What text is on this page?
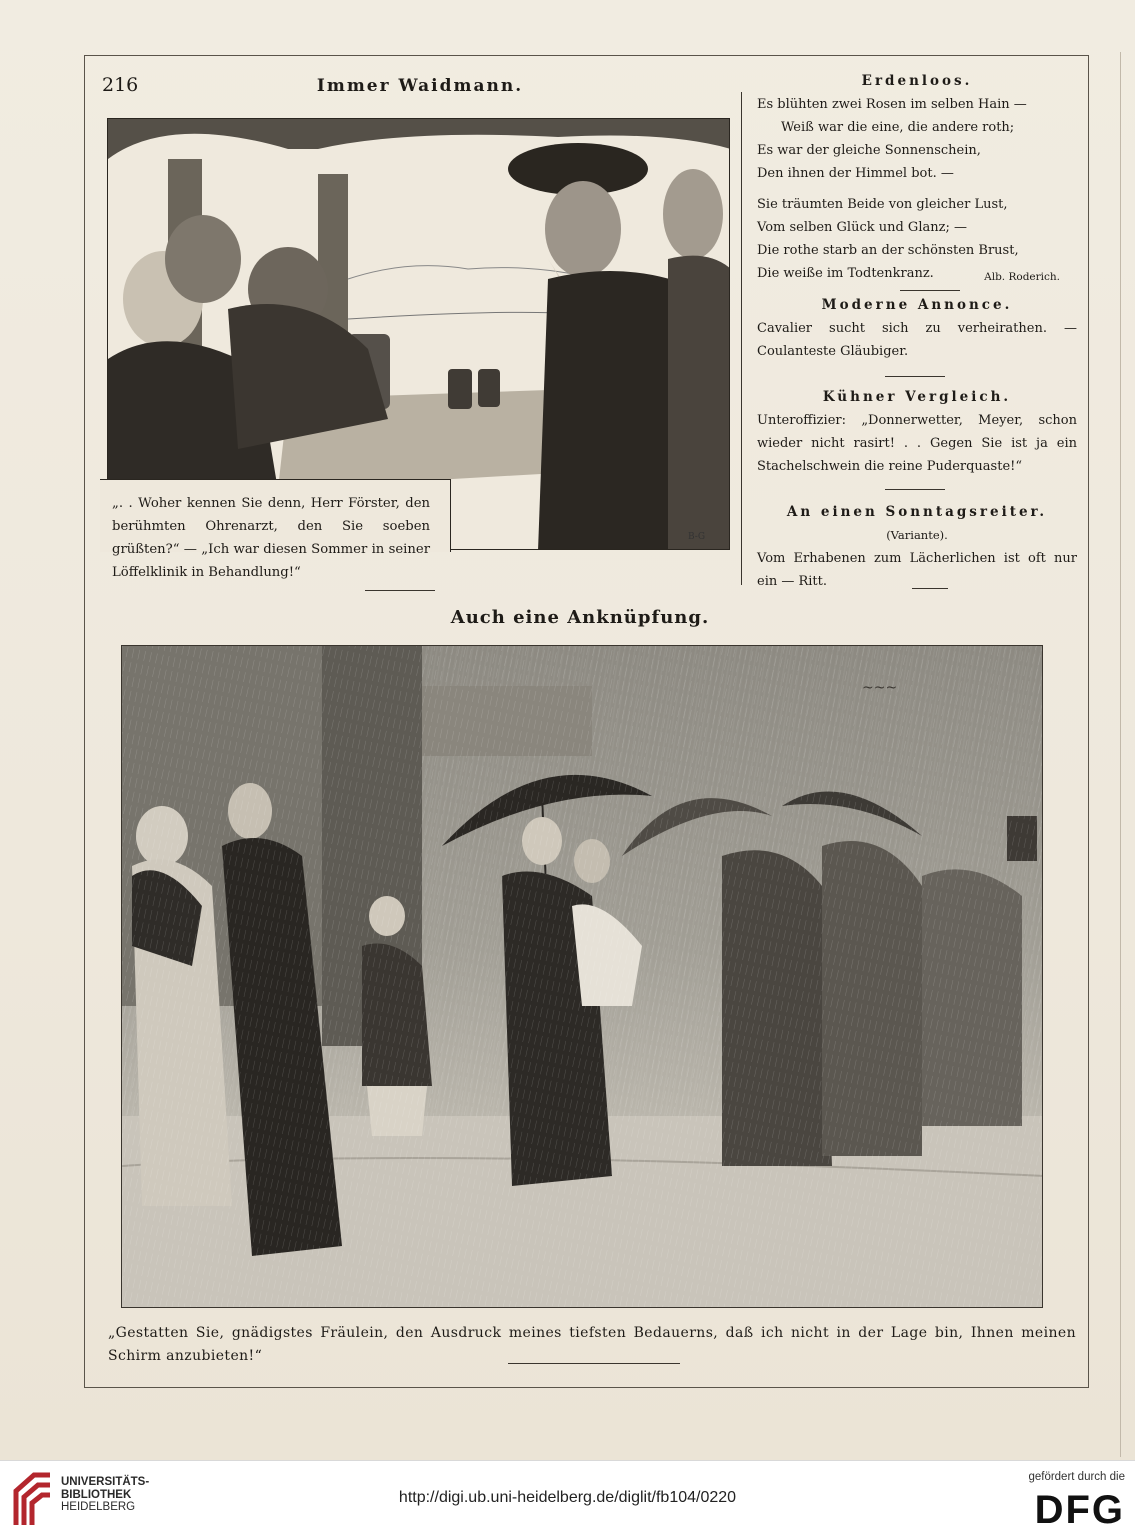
216	Immer Waidmann.
B-G
„. . Woher kennen Sie denn, Herr Förster, den berühmten Ohrenarzt, den Sie soeben grüßten?“ — „Ich war diesen Sommer in seiner Löffelklinik in Behandlung!“
Erdenloos.
Es blühten zwei Rosen im selben Hain —
Weiß war die eine, die andere roth;
Es war der gleiche Sonnenschein,
Den ihnen der Himmel bot. —
Sie träumten Beide von gleicher Lust,
Vom selben Glück und Glanz; —
Die rothe starb an der schönsten Brust,
Die weiße im Todtenkranz.	Alb. Roderich.
Moderne Annonce.
Cavalier sucht sich zu verheirathen. — Coulanteste Gläubiger.
Kühner Vergleich.
Unteroffizier: „Donnerwetter, Meyer, schon wieder nicht rasirt! . . Gegen Sie ist ja ein Stachelschwein die reine Puderquaste!“
An einen Sonntagsreiter.
(Variante).
Vom Erhabenen zum Lächerlichen ist oft nur ein — Ritt.
Auch eine Anknüpfung.
~~~
„Gestatten Sie, gnädigstes Fräulein, den Ausdruck meines tiefsten Bedauerns, daß ich nicht in der Lage bin, Ihnen meinen Schirm anzubieten!“
UNIVERSITÄTS-
BIBLIOTHEK
HEIDELBERG
http://digi.ub.uni-heidelberg.de/diglit/fb104/0220
gefördert durch die
DFG
